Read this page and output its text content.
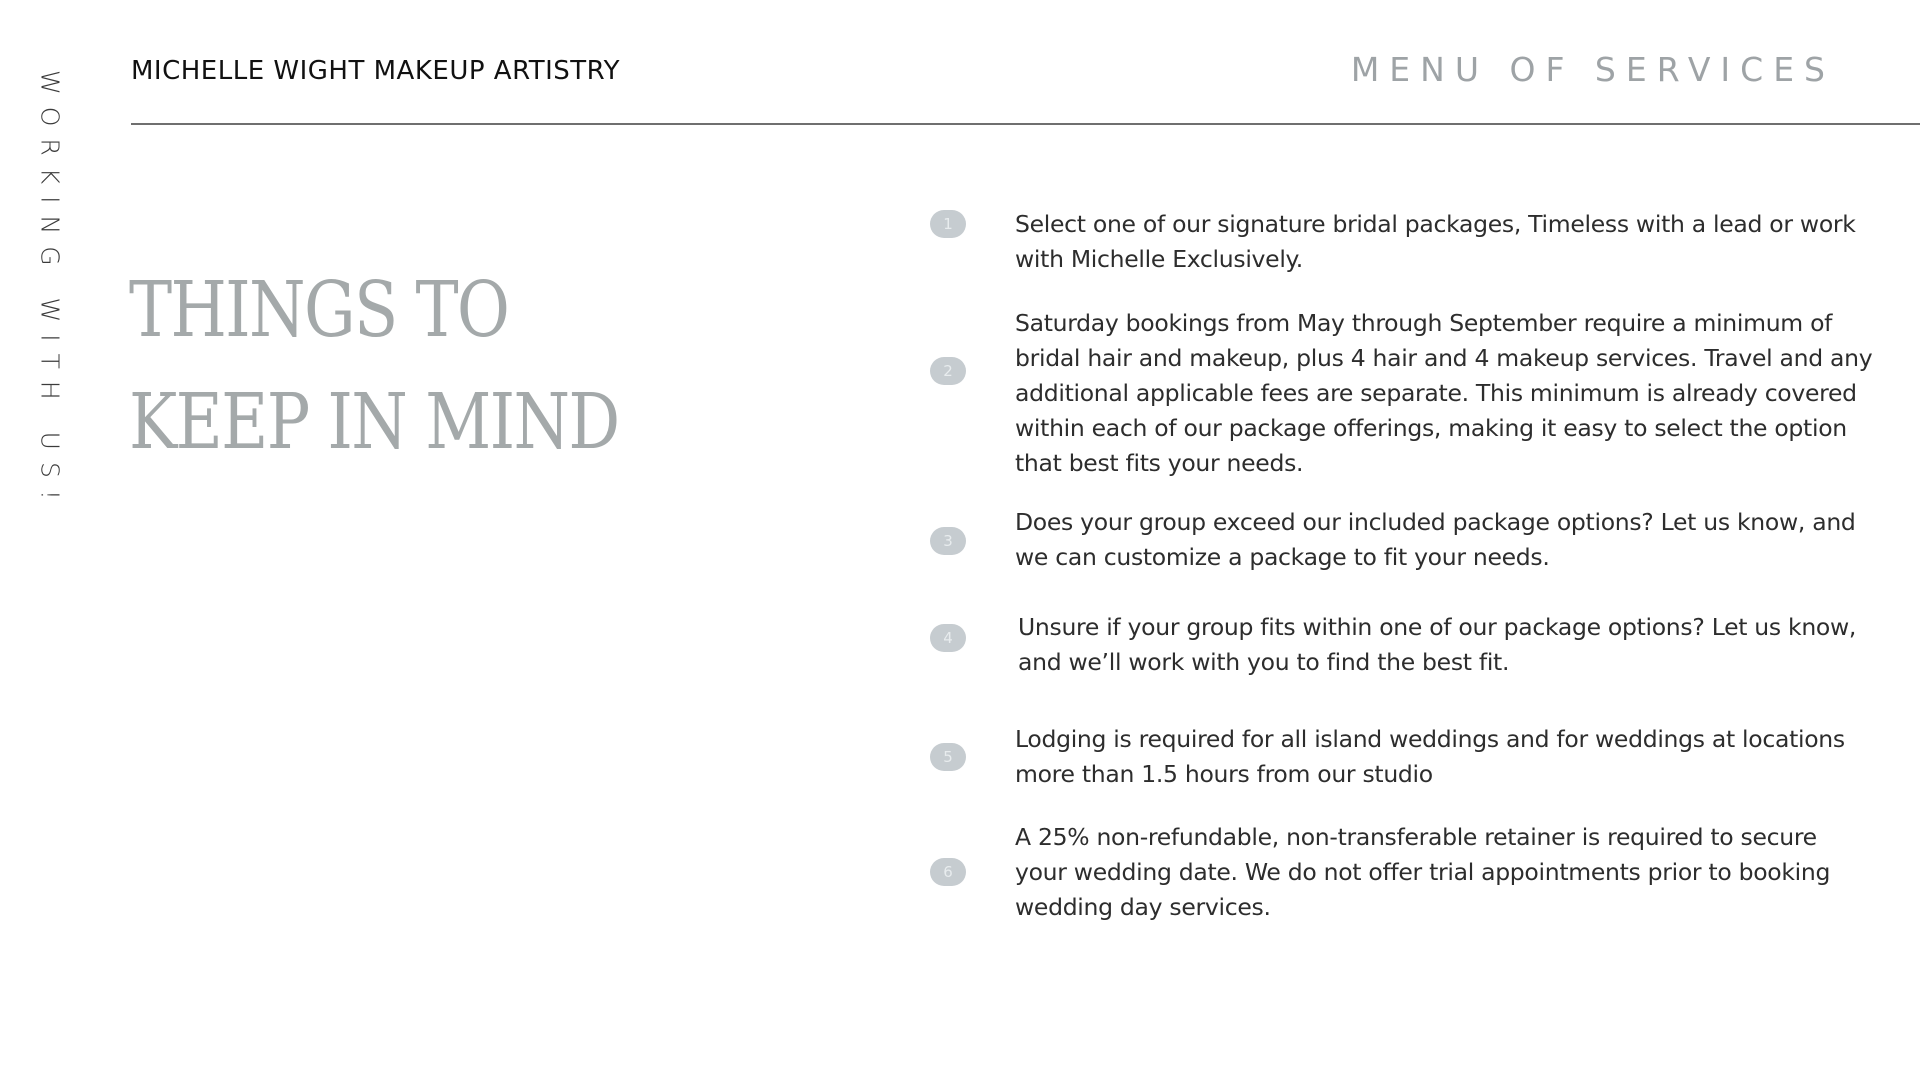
WORKING WITH US!	MICHELLE WIGHT MAKEUP ARTISTRY	MENU OF SERVICES
THINGS TO
KEEP IN MIND
1	Select one of our signature bridal packages, Timeless with a lead or work with Michelle Exclusively.
2
Saturday bookings from May through September require a minimum of bridal hair and makeup, plus 4 hair and 4 makeup services. Travel and any additional applicable fees are separate. This minimum is already covered within each of our package offerings, making it easy to select the option that best fits your needs.
3
Does your group exceed our included package options? Let us know, and we can customize a package to fit your needs.
4	Unsure if your group fits within one of our package options? Let us know, and we’ll work with you to find the best fit.
5
Lodging is required for all island weddings and for weddings at locations more than 1.5 hours from our studio
6
A 25% non-refundable, non-transferable retainer is required to secure your wedding date. We do not offer trial appointments prior to booking wedding day services.
